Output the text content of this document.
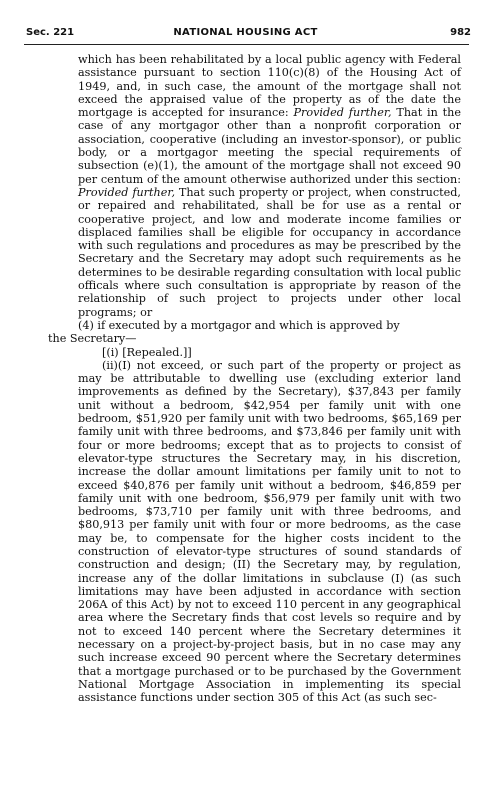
Sec. 221	NATIONAL HOUSING ACT	982

which has been rehabilitated by a local public agency with Federal assistance pursuant to section 110(c)(8) of the Housing Act of 1949, and, in such case, the amount of the mortgage shall not exceed the appraised value of the property as of the date the mortgage is accepted for insurance: Provided further, That in the case of any mortgagor other than a nonprofit corporation or association, cooperative (including an investor-sponsor), or public body, or a mortgagor meeting the special requirements of subsection (e)(1), the amount of the mortgage shall not exceed 90 per centum of the amount otherwise authorized under this section: Provided further, That such property or project, when constructed, or repaired and rehabilitated, shall be for use as a rental or cooperative project, and low and moderate income families or displaced families shall be eligible for occupancy in accordance with such regulations and procedures as may be prescribed by the Secretary and the Secretary may adopt such requirements as he determines to be desirable regarding consultation with local public officals where such consultation is appropriate by reason of the relationship of such project to projects under other local programs; or

(4) if executed by a mortgagor and which is approved by

the Secretary—

[(i) [Repealed.]]

(ii)(I) not exceed, or such part of the property or project as may be attributable to dwelling use (excluding exterior land improvements as defined by the Secretary), $37,843 per family unit without a bedroom, $42,954 per family unit with one bedroom, $51,920 per family unit with two bedrooms, $65,169 per family unit with three bedrooms, and $73,846 per family unit with four or more bedrooms; except that as to projects to consist of elevator-type structures the Secretary may, in his discretion, increase the dollar amount limitations per family unit to not to exceed $40,876 per family unit without a bedroom, $46,859 per family unit with one bedroom, $56,979 per family unit with two bedrooms, $73,710 per family unit with three bedrooms, and $80,913 per family unit with four or more bedrooms, as the case may be, to compensate for the higher costs incident to the construction of elevator-type structures of sound standards of construction and design; (II) the Secretary may, by regulation, increase any of the dollar limitations in subclause (I) (as such limitations may have been adjusted in accordance with section 206A of this Act) by not to exceed 110 percent in any geographical area where the Secretary finds that cost levels so require and by not to exceed 140 percent where the Secretary determines it necessary on a project-by-project basis, but in no case may any such increase exceed 90 percent where the Secretary determines that a mortgage purchased or to be purchased by the Government National Mortgage Association in implementing its special assistance functions under section 305 of this Act (as such sec-
